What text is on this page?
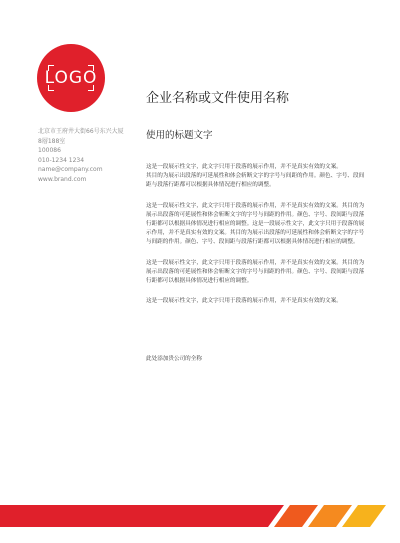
LOGO
企业名称或文件使用名称
北京市王府井大街66号东兴大厦
8層188室
100086
010-1234 1234
name@company.com
www.brand.com
使用的标题文字

这是一段展示性文字，此文字只用于段落的展示作用，并不是真实有效的文案。

其目的为展示出段落的可延展性和体会斩断文字的字号与间距的作用。颜色、字号、段间距与段落行距都可以根据具体情况进行相应的调整。

这是一段展示性文字，此文字只用于段落的展示作用，并不是真实有效的文案。其目的为展示出段落的可延展性和体会斩断文字的字号与间距的作用。颜色、字号、段间距与段落行距都可以根据具体情况进行相应的调整。这是一段展示性文字，此文字只用于段落的展示作用，并不是真实有效的文案。其目的为展示出段落的可延展性和体会斩断文字的字号与间距的作用。颜色、字号、段间距与段落行距都可以根据具体情况进行相应的调整。

这是一段展示性文字，此文字只用于段落的展示作用，并不是真实有效的文案。其目的为展示出段落的可延展性和体会斩断文字的字号与间距的作用。颜色、字号、段间距与段落行距都可以根据具体情况进行相应的调整。

这是一段展示性文字，此文字只用于段落的展示作用，并不是真实有效的文案。

此处添加贵公司的全称
